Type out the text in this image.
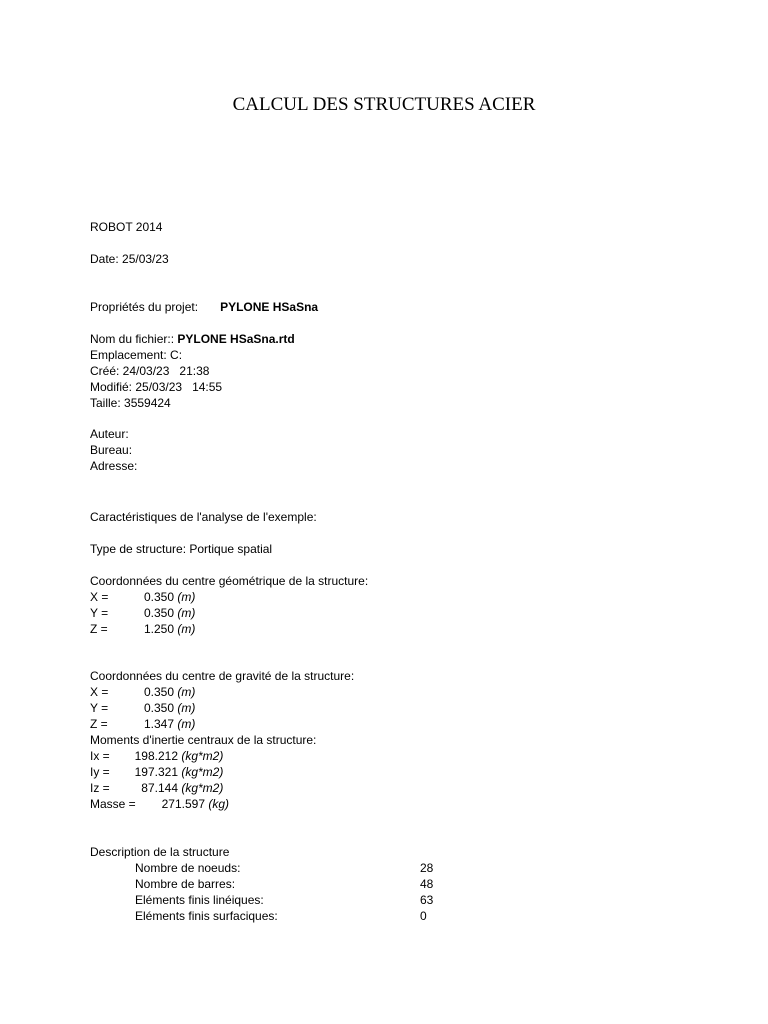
CALCUL DES STRUCTURES ACIER
ROBOT 2014
Date: 25/03/23
Propriétés du projet: PYLONE HSaSna
Nom du fichier:: PYLONE HSaSna.rtd
Emplacement: C:
Créé: 24/03/23   21:38
Modifié: 25/03/23   14:55
Taille: 3559424
Auteur:
Bureau:
Adresse:
Caractéristiques de l'analyse de l'exemple:
Type de structure: Portique spatial
Coordonnées du centre géométrique de la structure:
X =	0.350 (m)
Y =	0.350 (m)
Z =	1.250 (m)
Coordonnées du centre de gravité de la structure:
X =	0.350 (m)
Y =	0.350 (m)
Z =	1.347 (m)
Moments d'inertie centraux de la structure:
Ix = 198.212 (kg*m2)
Iy = 197.321 (kg*m2)
Iz =	87.144 (kg*m2)
Masse = 271.597 (kg)
Description de la structure
Nombre de noeuds:	28
Nombre de barres:	48
Eléments finis linéiques:	63
Eléments finis surfaciques:	0
